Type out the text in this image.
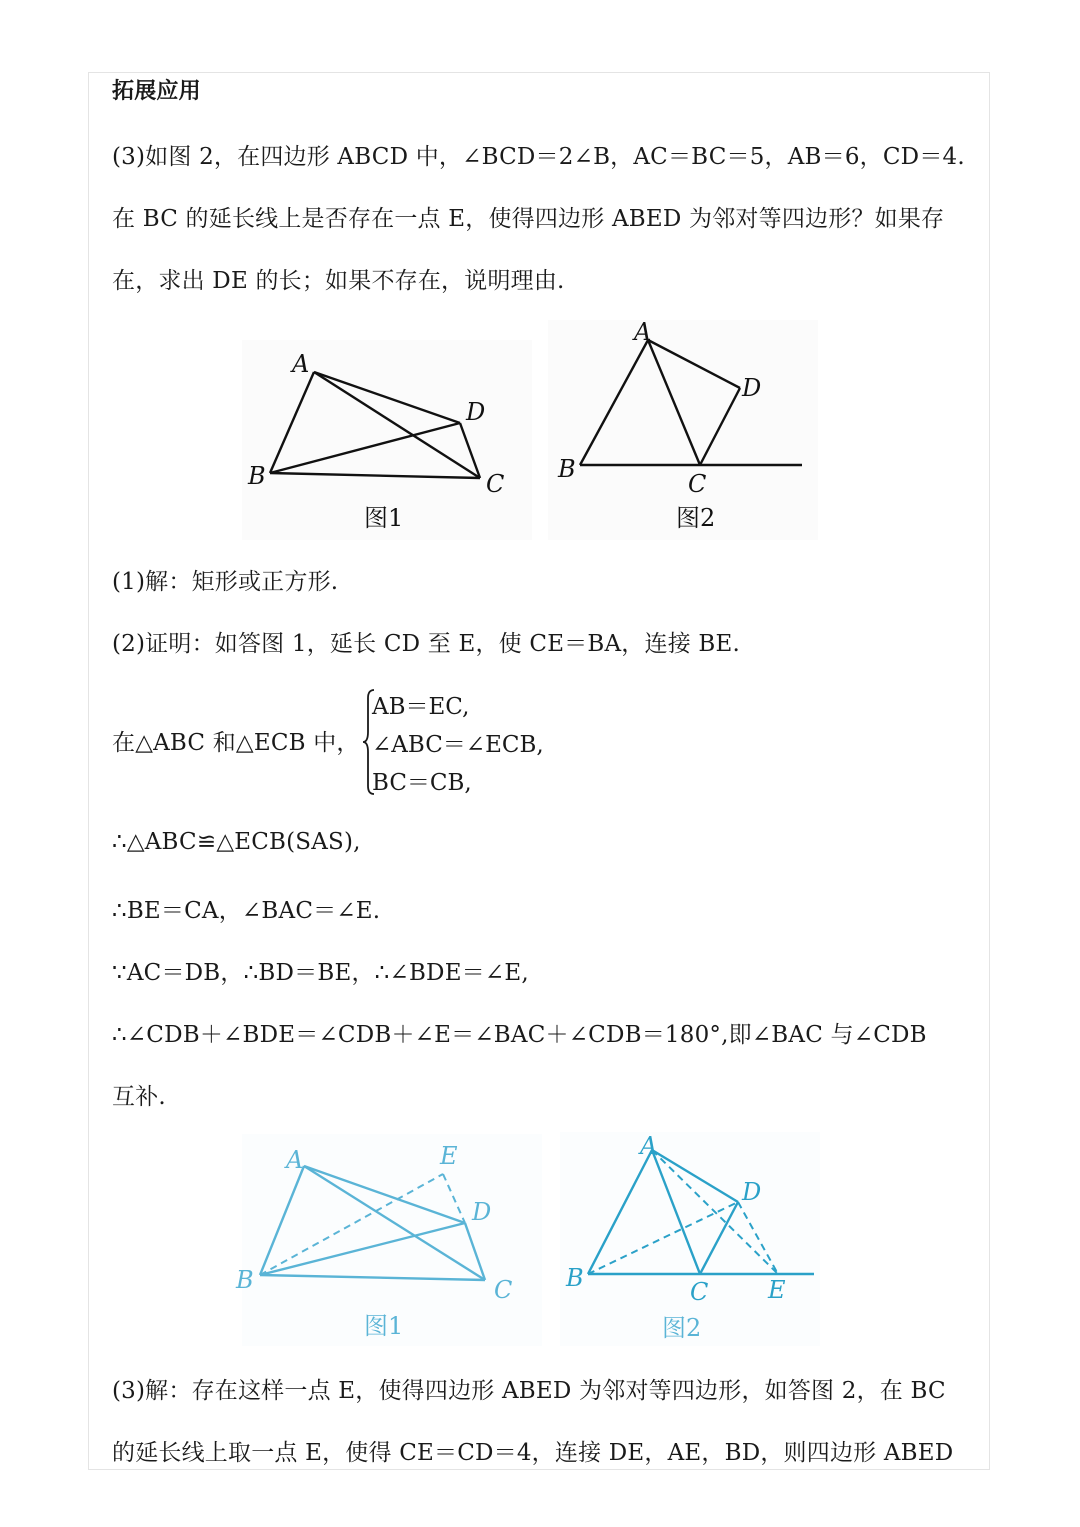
拓展应用
(3)如图 2，在四边形 ABCD 中，∠BCD＝2∠B，AC＝BC＝5，AB＝6，CD＝4.
在 BC 的延长线上是否存在一点 E，使得四边形 ABED 为邻对等四边形？如果存
在，求出 DE 的长；如果不存在，说明理由.
A
B	C
D
图1
A
B
C
D
图2
(1)解：矩形或正方形.
(2)证明：如答图 1，延长 CD 至 E，使 CE＝BA，连接 BE.
在△ABC 和△ECB 中，
AB＝EC,
∠ABC＝∠ECB,
BC＝CB,
∴△ABC≌△ECB(SAS),
∴BE＝CA，∠BAC＝∠E.
∵AC＝DB，∴BD＝BE，∴∠BDE＝∠E,
∴∠CDB＋∠BDE＝∠CDB＋∠E＝∠BAC＋∠CDB＝180°,即∠BAC 与∠CDB
互补.
A
B	C
D
E
图1
A
B	C
D
E
图2
(3)解：存在这样一点 E，使得四边形 ABED 为邻对等四边形，如答图 2，在 BC
的延长线上取一点 E，使得 CE＝CD＝4，连接 DE，AE，BD，则四边形 ABED
